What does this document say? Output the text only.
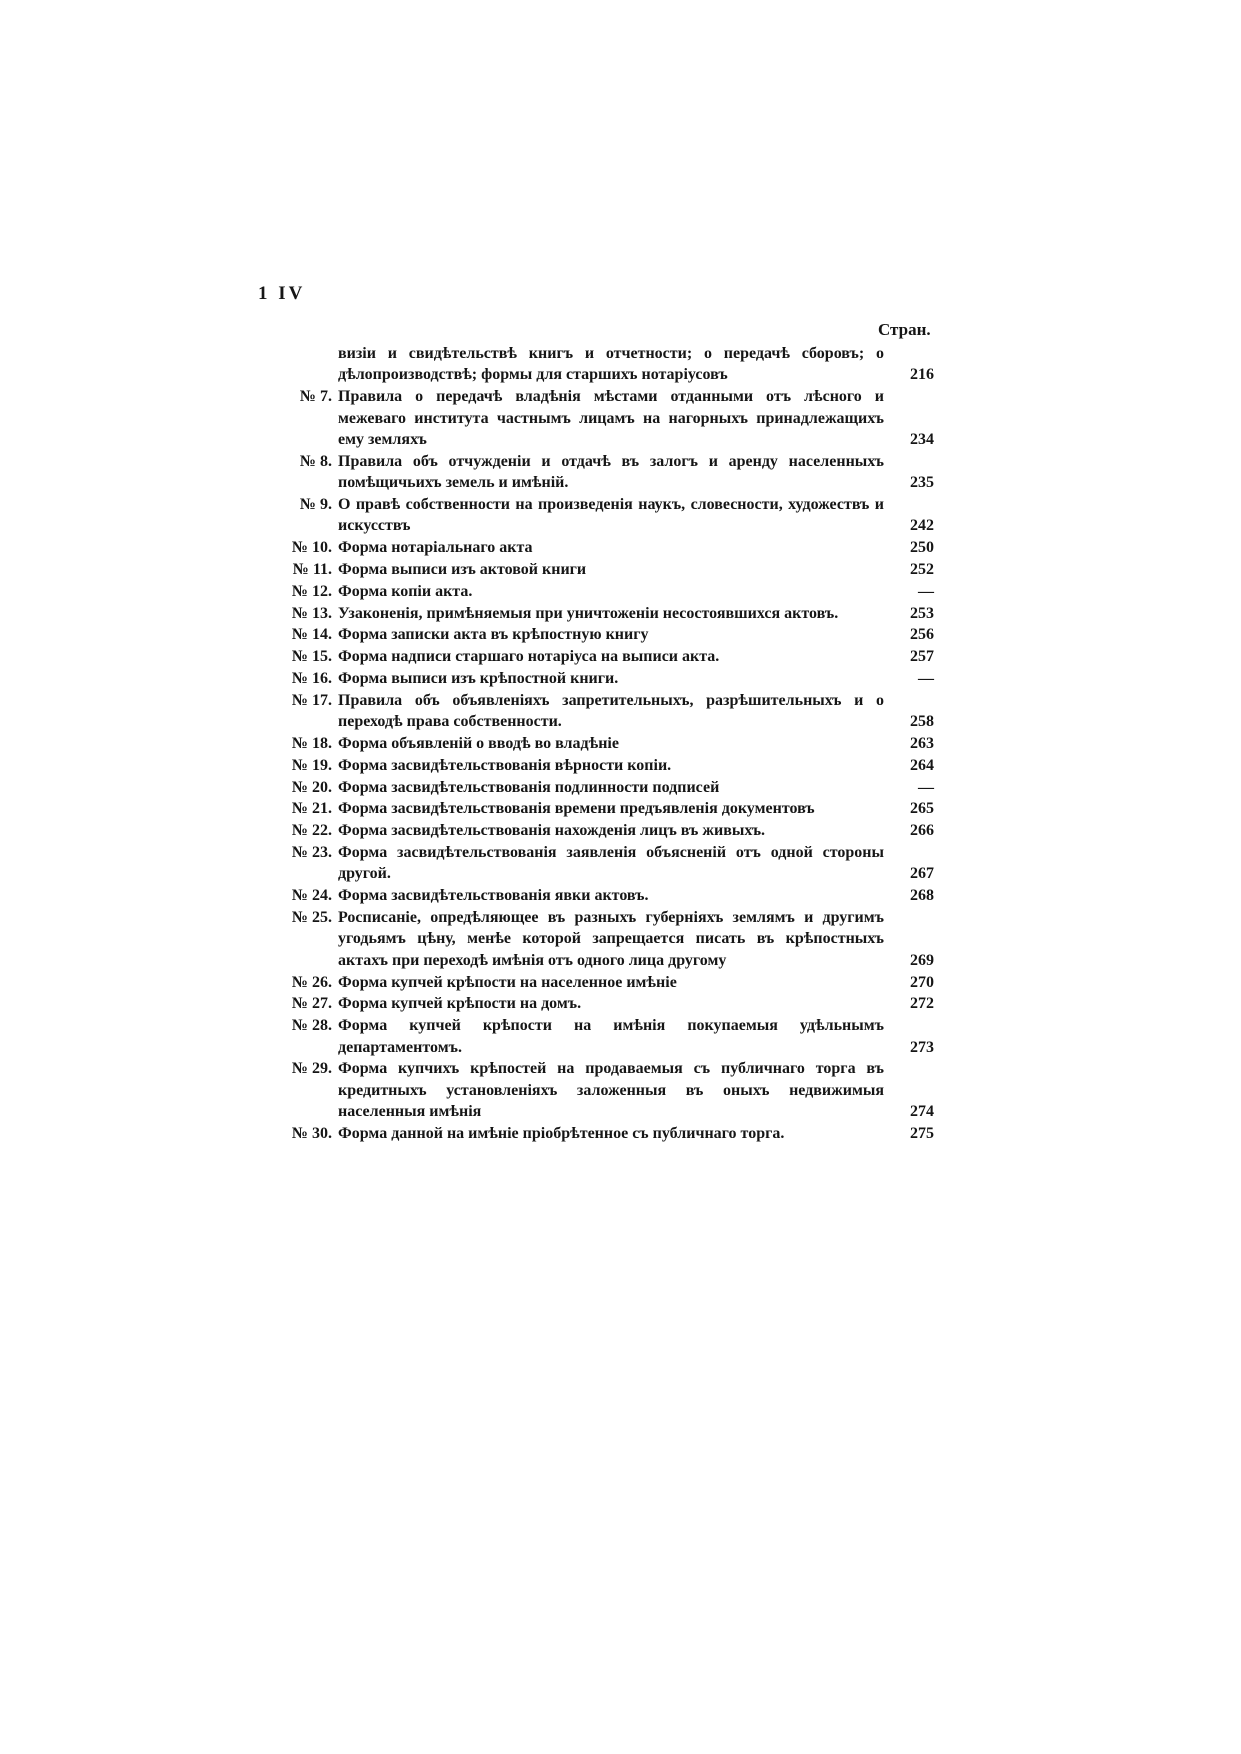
1 IV
Стран.
визіи и свидѣтельствѣ книгъ и отчетности; о передачѣ сборовъ; о дѣлопроизводствѣ; формы для старшихъ нотаріусовъ	216
№ 7. Правила о передачѣ владѣнія мѣстами отданными отъ лѣсного и межеваго института частнымъ лицамъ на нагорныхъ принадлежащихъ ему земляхъ	234
№ 8. Правила объ отчужденіи и отдачѣ въ залогъ и аренду населенныхъ помѣщичьихъ земель и имѣній.	235
№ 9. О правѣ собственности на произведенія наукъ, словесности, художествъ и искусствъ	242
№ 10. Форма нотаріальнаго акта	250
№ 11. Форма выписи изъ актовой книги	252
№ 12. Форма копіи акта.	—
№ 13. Узаконенія, примѣняемыя при уничтоженіи несостоявшихся актовъ.	253
№ 14. Форма записки акта въ крѣпостную книгу	256
№ 15. Форма надписи старшаго нотаріуса на выписи акта.	257
№ 16. Форма выписи изъ крѣпостной книги.	—
№ 17. Правила объ объявленіяхъ запретительныхъ, разрѣшительныхъ и о переходѣ права собственности.	258
№ 18. Форма объявленій о вводѣ во владѣніе	263
№ 19. Форма засвидѣтельствованія вѣрности копіи.	264
№ 20. Форма засвидѣтельствованія подлинности подписей	—
№ 21. Форма засвидѣтельствованія времени предъявленія документовъ	265
№ 22. Форма засвидѣтельствованія нахожденія лицъ въ живыхъ.	266
№ 23. Форма засвидѣтельствованія заявленія объясненій отъ одной стороны другой.	267
№ 24. Форма засвидѣтельствованія явки актовъ.	268
№ 25. Росписаніе, опредѣляющее въ разныхъ губерніяхъ землямъ и другимъ угодьямъ цѣну, менѣе которой запрещается писать въ крѣпостныхъ актахъ при переходѣ имѣнія отъ одного лица другому	269
№ 26. Форма купчей крѣпости на населенное имѣніе	270
№ 27. Форма купчей крѣпости на домъ.	272
№ 28. Форма купчей крѣпости на имѣнія покупаемыя удѣльнымъ департаментомъ.	273
№ 29. Форма купчихъ крѣпостей на продаваемыя съ публичнаго торга въ кредитныхъ установленіяхъ заложенныя въ оныхъ недвижимыя населенныя имѣнія	274
№ 30. Форма данной на имѣніе пріобрѣтенное съ публичнаго торга.	275
